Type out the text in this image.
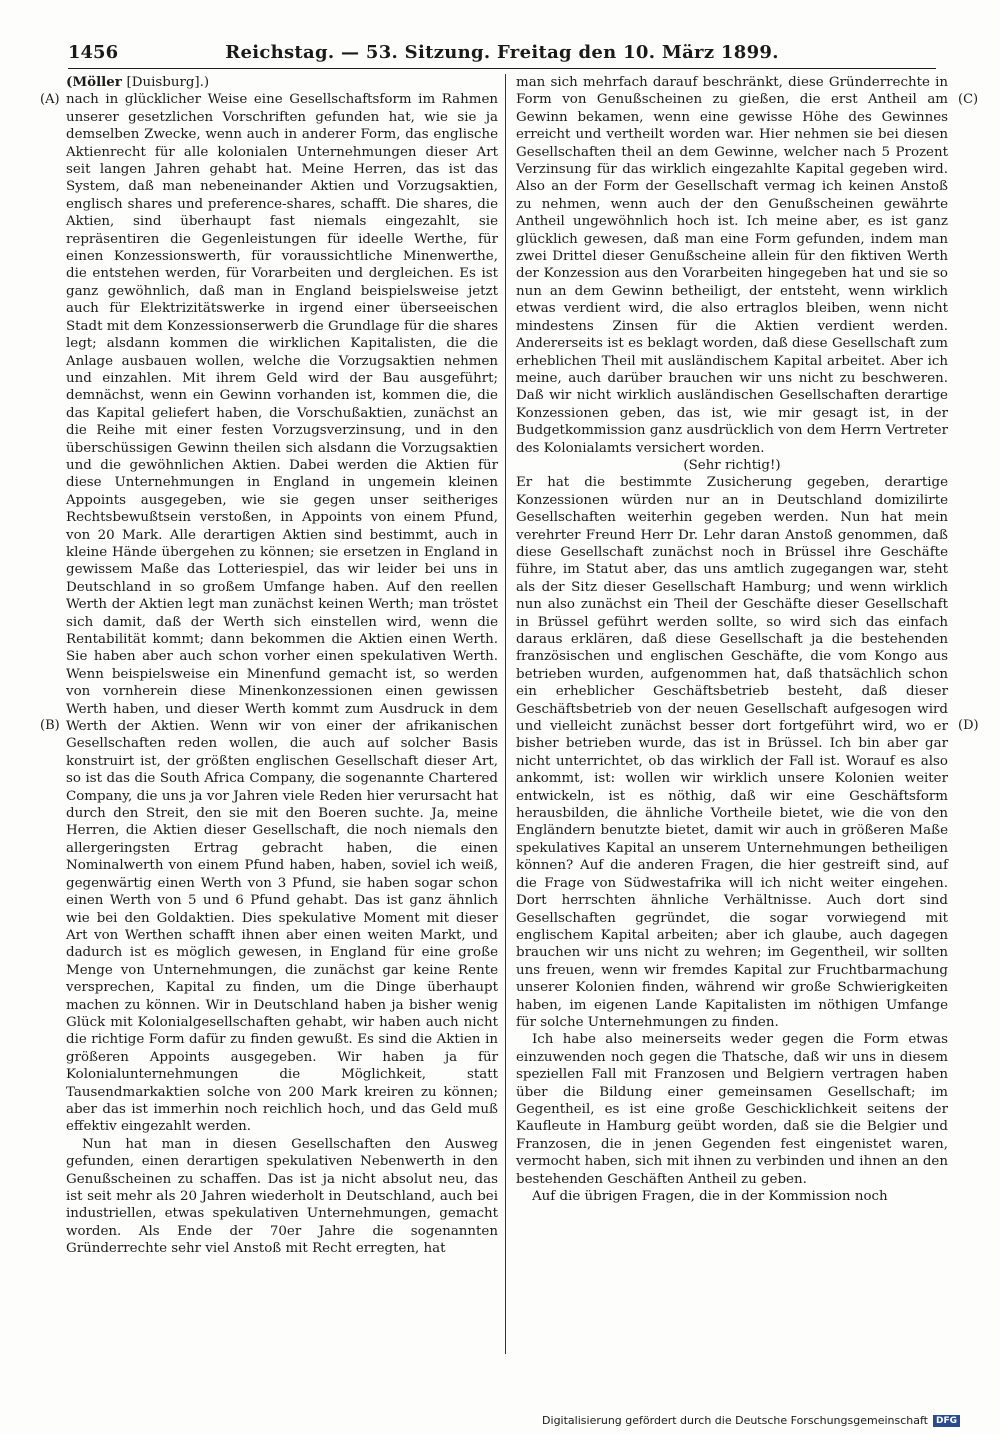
1456	Reichstag. — 53. Sitzung. Freitag den 10. März 1899.
(A)
(B)
(C)
(D)

(Möller [Duisburg].)

nach in glücklicher Weise eine Gesellschaftsform im Rahmen unserer gesetzlichen Vorschriften gefunden hat, wie sie ja demselben Zwecke, wenn auch in anderer Form, das englische Aktienrecht für alle kolonialen Unternehmungen dieser Art seit langen Jahren gehabt hat. Meine Herren, das ist das System, daß man nebeneinander Aktien und Vorzugsaktien, englisch shares und preference-shares, schafft. Die shares, die Aktien, sind überhaupt fast niemals eingezahlt, sie repräsentiren die Gegenleistungen für ideelle Werthe, für einen Konzessionswerth, für voraussichtliche Minenwerthe, die entstehen werden, für Vorarbeiten und dergleichen. Es ist ganz gewöhnlich, daß man in England beispielsweise jetzt auch für Elektrizitätswerke in irgend einer überseeischen Stadt mit dem Konzessionserwerb die Grundlage für die shares legt; alsdann kommen die wirklichen Kapitalisten, die die Anlage ausbauen wollen, welche die Vorzugsaktien nehmen und einzahlen. Mit ihrem Geld wird der Bau ausgeführt; demnächst, wenn ein Gewinn vorhanden ist, kommen die, die das Kapital geliefert haben, die Vorschußaktien, zunächst an die Reihe mit einer festen Vorzugsverzinsung, und in den überschüssigen Gewinn theilen sich alsdann die Vorzugsaktien und die gewöhnlichen Aktien. Dabei werden die Aktien für diese Unternehmungen in England in ungemein kleinen Appoints ausgegeben, wie sie gegen unser seitheriges Rechtsbewußtsein verstoßen, in Appoints von einem Pfund, von 20 Mark. Alle derartigen Aktien sind bestimmt, auch in kleine Hände übergehen zu können; sie ersetzen in England in gewissem Maße das Lotteriespiel, das wir leider bei uns in Deutschland in so großem Umfange haben. Auf den reellen Werth der Aktien legt man zunächst keinen Werth; man tröstet sich damit, daß der Werth sich einstellen wird, wenn die Rentabilität kommt; dann bekommen die Aktien einen Werth. Sie haben aber auch schon vorher einen spekulativen Werth. Wenn beispielsweise ein Minenfund gemacht ist, so werden von vornherein diese Minenkonzessionen einen gewissen Werth haben, und dieser Werth kommt zum Ausdruck in dem Werth der Aktien. Wenn wir von einer der afrikanischen Gesellschaften reden wollen, die auch auf solcher Basis konstruirt ist, der größten englischen Gesellschaft dieser Art, so ist das die South Africa Company, die sogenannte Chartered Company, die uns ja vor Jahren viele Reden hier verursacht hat durch den Streit, den sie mit den Boeren suchte. Ja, meine Herren, die Aktien dieser Gesellschaft, die noch niemals den allergeringsten Ertrag gebracht haben, die einen Nominalwerth von einem Pfund haben, haben, soviel ich weiß, gegenwärtig einen Werth von 3 Pfund, sie haben sogar schon einen Werth von 5 und 6 Pfund gehabt. Das ist ganz ähnlich wie bei den Goldaktien. Dies spekulative Moment mit dieser Art von Werthen schafft ihnen aber einen weiten Markt, und dadurch ist es möglich gewesen, in England für eine große Menge von Unternehmungen, die zunächst gar keine Rente versprechen, Kapital zu finden, um die Dinge überhaupt machen zu können. Wir in Deutschland haben ja bisher wenig Glück mit Kolonialgesellschaften gehabt, wir haben auch nicht die richtige Form dafür zu finden gewußt. Es sind die Aktien in größeren Appoints ausgegeben. Wir haben ja für Kolonialunternehmungen die Möglichkeit, statt Tausendmarkaktien solche von 200 Mark kreiren zu können; aber das ist immerhin noch reichlich hoch, und das Geld muß effektiv eingezahlt werden.

Nun hat man in diesen Gesellschaften den Ausweg gefunden, einen derartigen spekulativen Nebenwerth in den Genußscheinen zu schaffen. Das ist ja nicht absolut neu, das ist seit mehr als 20 Jahren wiederholt in Deutschland, auch bei industriellen, etwas spekulativen Unternehmungen, gemacht worden. Als Ende der 70er Jahre die sogenannten Gründerrechte sehr viel Anstoß mit Recht erregten, hat

man sich mehrfach darauf beschränkt, diese Gründerrechte in Form von Genußscheinen zu gießen, die erst Antheil am Gewinn bekamen, wenn eine gewisse Höhe des Gewinnes erreicht und vertheilt worden war. Hier nehmen sie bei diesen Gesellschaften theil an dem Gewinne, welcher nach 5 Prozent Verzinsung für das wirklich eingezahlte Kapital gegeben wird. Also an der Form der Gesellschaft vermag ich keinen Anstoß zu nehmen, wenn auch der den Genußscheinen gewährte Antheil ungewöhnlich hoch ist. Ich meine aber, es ist ganz glücklich gewesen, daß man eine Form gefunden, indem man zwei Drittel dieser Genußscheine allein für den fiktiven Werth der Konzession aus den Vorarbeiten hingegeben hat und sie so nun an dem Gewinn betheiligt, der entsteht, wenn wirklich etwas verdient wird, die also ertraglos bleiben, wenn nicht mindestens Zinsen für die Aktien verdient werden. Andererseits ist es beklagt worden, daß diese Gesellschaft zum erheblichen Theil mit ausländischem Kapital arbeitet. Aber ich meine, auch darüber brauchen wir uns nicht zu beschweren. Daß wir nicht wirklich ausländischen Gesellschaften derartige Konzessionen geben, das ist, wie mir gesagt ist, in der Budgetkommission ganz ausdrücklich von dem Herrn Vertreter des Kolonialamts versichert worden.

(Sehr richtig!)

Er hat die bestimmte Zusicherung gegeben, derartige Konzessionen würden nur an in Deutschland domizilirte Gesellschaften weiterhin gegeben werden. Nun hat mein verehrter Freund Herr Dr. Lehr daran Anstoß genommen, daß diese Gesellschaft zunächst noch in Brüssel ihre Geschäfte führe, im Statut aber, das uns amtlich zugegangen war, steht als der Sitz dieser Gesellschaft Hamburg; und wenn wirklich nun also zunächst ein Theil der Geschäfte dieser Gesellschaft in Brüssel geführt werden sollte, so wird sich das einfach daraus erklären, daß diese Gesellschaft ja die bestehenden französischen und englischen Geschäfte, die vom Kongo aus betrieben wurden, aufgenommen hat, daß thatsächlich schon ein erheblicher Geschäftsbetrieb besteht, daß dieser Geschäftsbetrieb von der neuen Gesellschaft aufgesogen wird und vielleicht zunächst besser dort fortgeführt wird, wo er bisher betrieben wurde, das ist in Brüssel. Ich bin aber gar nicht unterrichtet, ob das wirklich der Fall ist. Worauf es also ankommt, ist: wollen wir wirklich unsere Kolonien weiter entwickeln, ist es nöthig, daß wir eine Geschäftsform herausbilden, die ähnliche Vortheile bietet, wie die von den Engländern benutzte bietet, damit wir auch in größeren Maße spekulatives Kapital an unserem Unternehmungen betheiligen können? Auf die anderen Fragen, die hier gestreift sind, auf die Frage von Südwestafrika will ich nicht weiter eingehen. Dort herrschten ähnliche Verhältnisse. Auch dort sind Gesellschaften gegründet, die sogar vorwiegend mit englischem Kapital arbeiten; aber ich glaube, auch dagegen brauchen wir uns nicht zu wehren; im Gegentheil, wir sollten uns freuen, wenn wir fremdes Kapital zur Fruchtbarmachung unserer Kolonien finden, während wir große Schwierigkeiten haben, im eigenen Lande Kapitalisten im nöthigen Umfange für solche Unternehmungen zu finden.

Ich habe also meinerseits weder gegen die Form etwas einzuwenden noch gegen die Thatsche, daß wir uns in diesem speziellen Fall mit Franzosen und Belgiern vertragen haben über die Bildung einer gemeinsamen Gesellschaft; im Gegentheil, es ist eine große Geschicklichkeit seitens der Kaufleute in Hamburg geübt worden, daß sie die Belgier und Franzosen, die in jenen Gegenden fest eingenistet waren, vermocht haben, sich mit ihnen zu verbinden und ihnen an den bestehenden Geschäften Antheil zu geben.

Auf die übrigen Fragen, die in der Kommission noch

Digitalisierung gefördert durch die Deutsche Forschungsgemeinschaft DFG
